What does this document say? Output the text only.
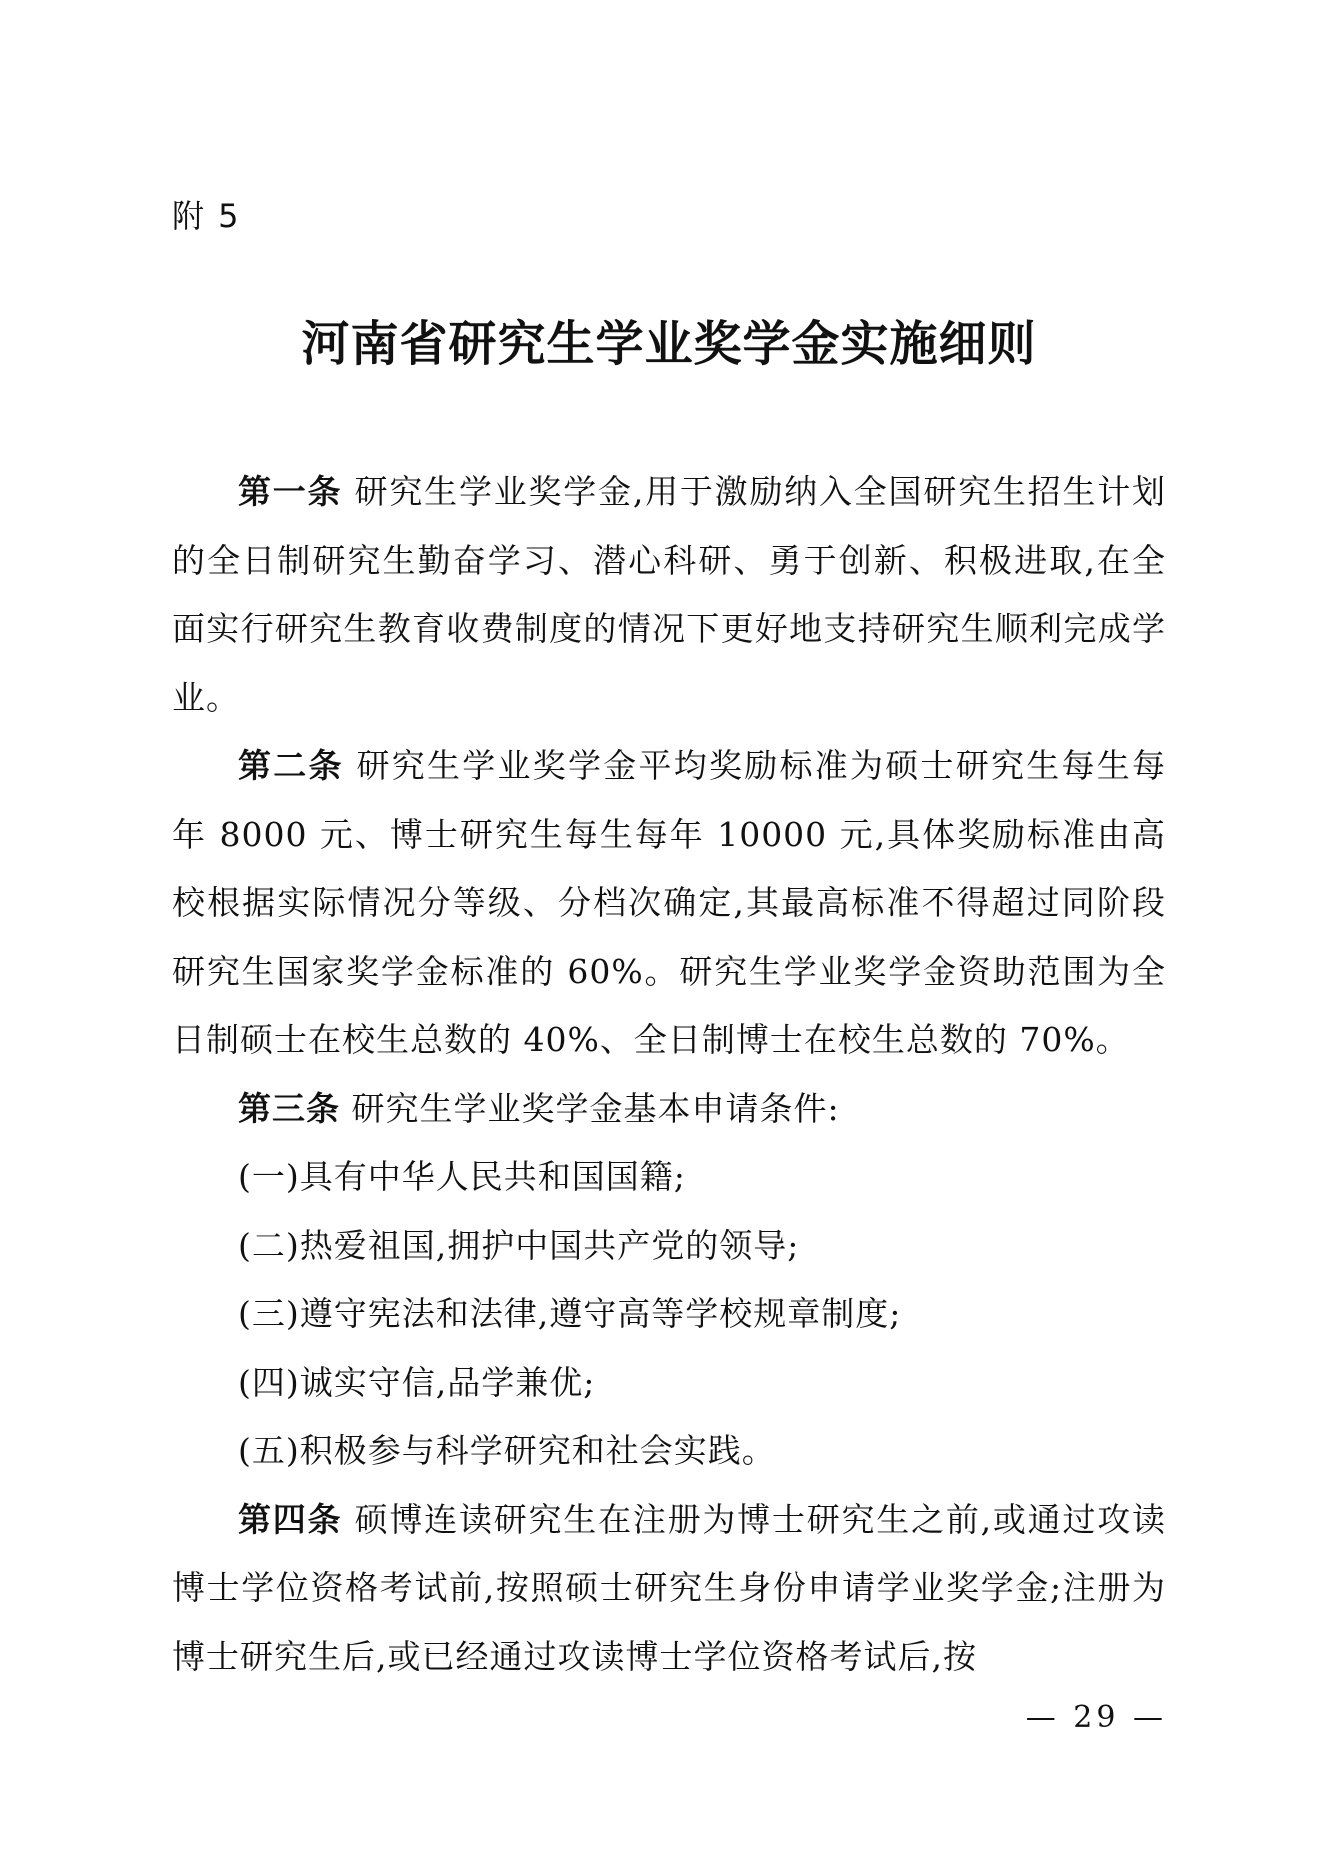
附 5
河南省研究生学业奖学金实施细则

第一条 研究生学业奖学金,用于激励纳入全国研究生招生计划的全日制研究生勤奋学习、潜心科研、勇于创新、积极进取,在全面实行研究生教育收费制度的情况下更好地支持研究生顺利完成学业。

第二条 研究生学业奖学金平均奖励标准为硕士研究生每生每年 8000 元、博士研究生每生每年 10000 元,具体奖励标准由高校根据实际情况分等级、分档次确定,其最高标准不得超过同阶段研究生国家奖学金标准的 60%。研究生学业奖学金资助范围为全日制硕士在校生总数的 40%、全日制博士在校生总数的 70%。

第三条 研究生学业奖学金基本申请条件:

(一)具有中华人民共和国国籍;

(二)热爱祖国,拥护中国共产党的领导;

(三)遵守宪法和法律,遵守高等学校规章制度;

(四)诚实守信,品学兼优;

(五)积极参与科学研究和社会实践。

第四条 硕博连读研究生在注册为博士研究生之前,或通过攻读博士学位资格考试前,按照硕士研究生身份申请学业奖学金;注册为博士研究生后,或已经通过攻读博士学位资格考试后,按

— 29 —
